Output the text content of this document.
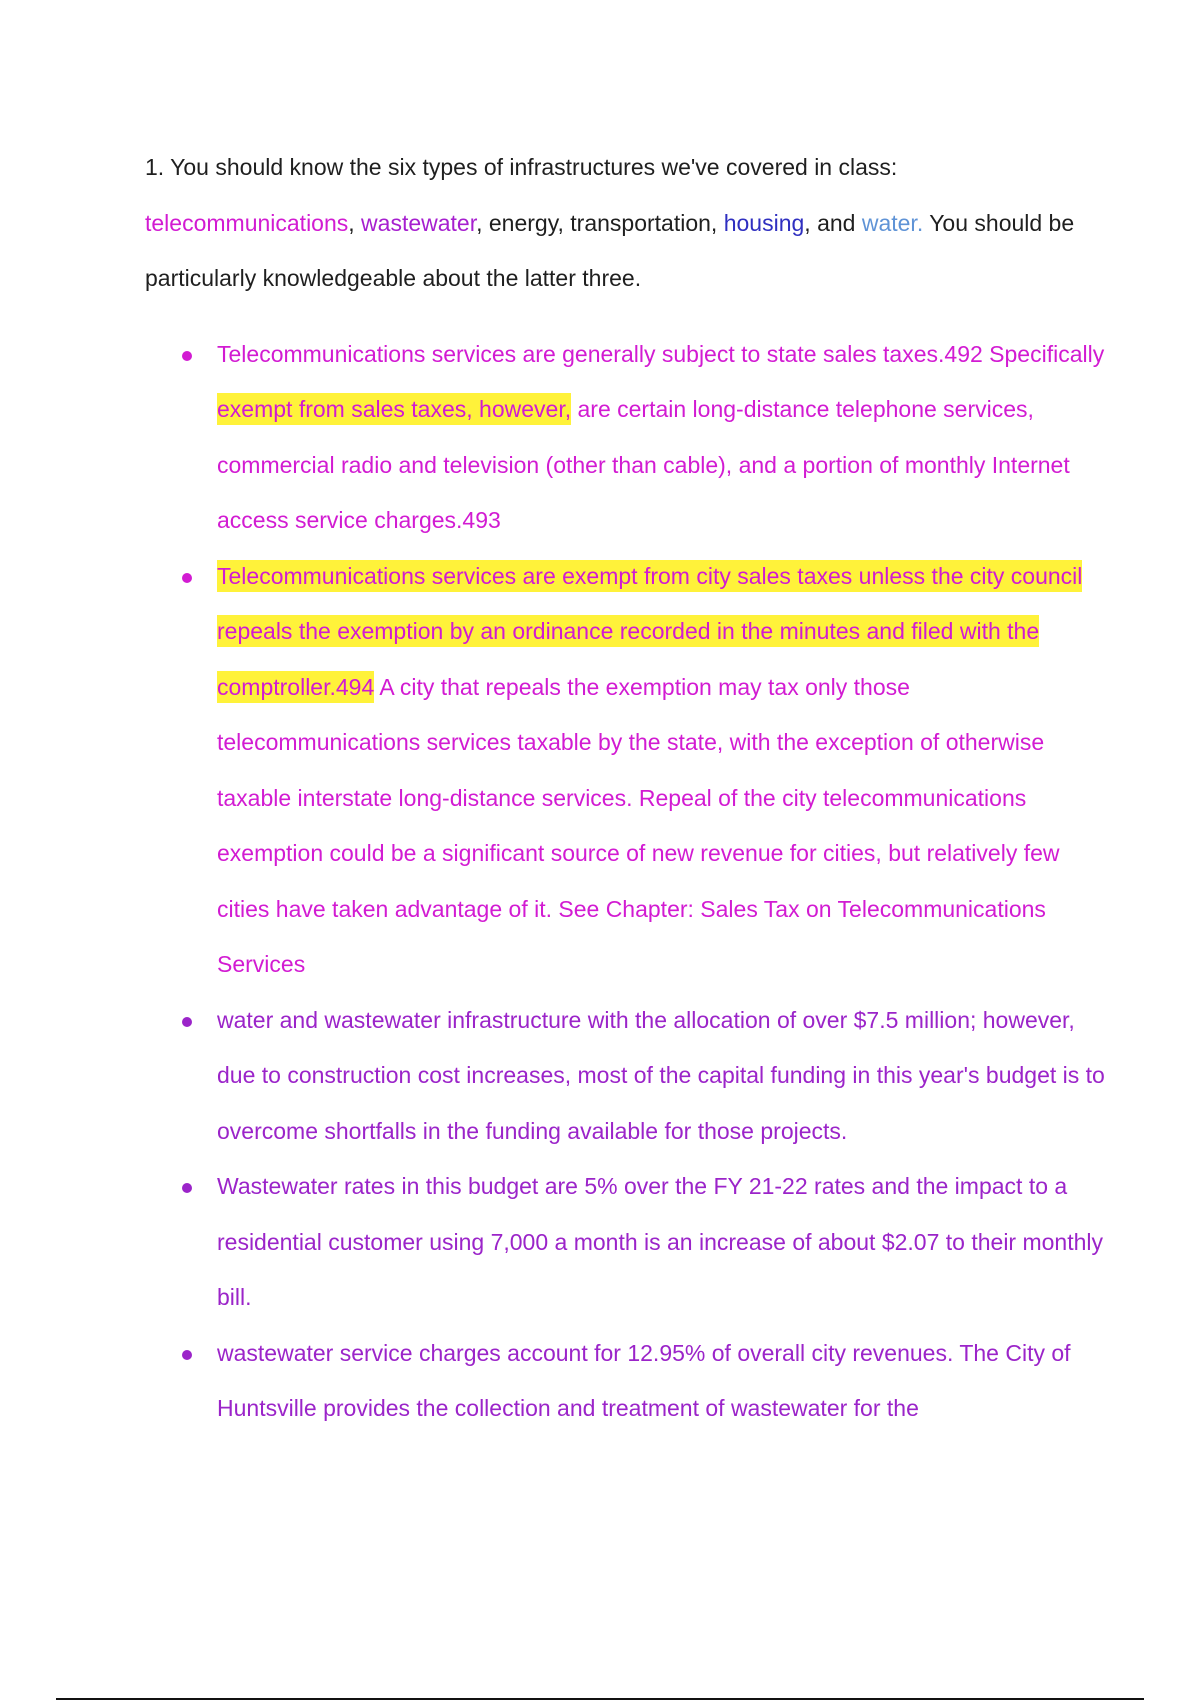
1. You should know the six types of infrastructures we've covered in class: telecommunications, wastewater, energy, transportation, housing, and water. You should be particularly knowledgeable about the latter three.

Telecommunications services are generally subject to state sales taxes.492 Specifically exempt from sales taxes, however, are certain long-distance telephone services, commercial radio and television (other than cable), and a portion of monthly Internet access service charges.493
Telecommunications services are exempt from city sales taxes unless the city council repeals the exemption by an ordinance recorded in the minutes and filed with the comptroller.494 A city that repeals the exemption may tax only those telecommunications services taxable by the state, with the exception of otherwise taxable interstate long-distance services. Repeal of the city telecommunications exemption could be a significant source of new revenue for cities, but relatively few cities have taken advantage of it. See Chapter: Sales Tax on Telecommunications Services
water and wastewater infrastructure with the allocation of over $7.5 million; however, due to construction cost increases, most of the capital funding in this year's budget is to overcome shortfalls in the funding available for those projects.
Wastewater rates in this budget are 5% over the FY 21-22 rates and the impact to a residential customer using 7,000 a month is an increase of about $2.07 to their monthly bill.
wastewater service charges account for 12.95% of overall city revenues. The City of Huntsville provides the collection and treatment of wastewater for the
